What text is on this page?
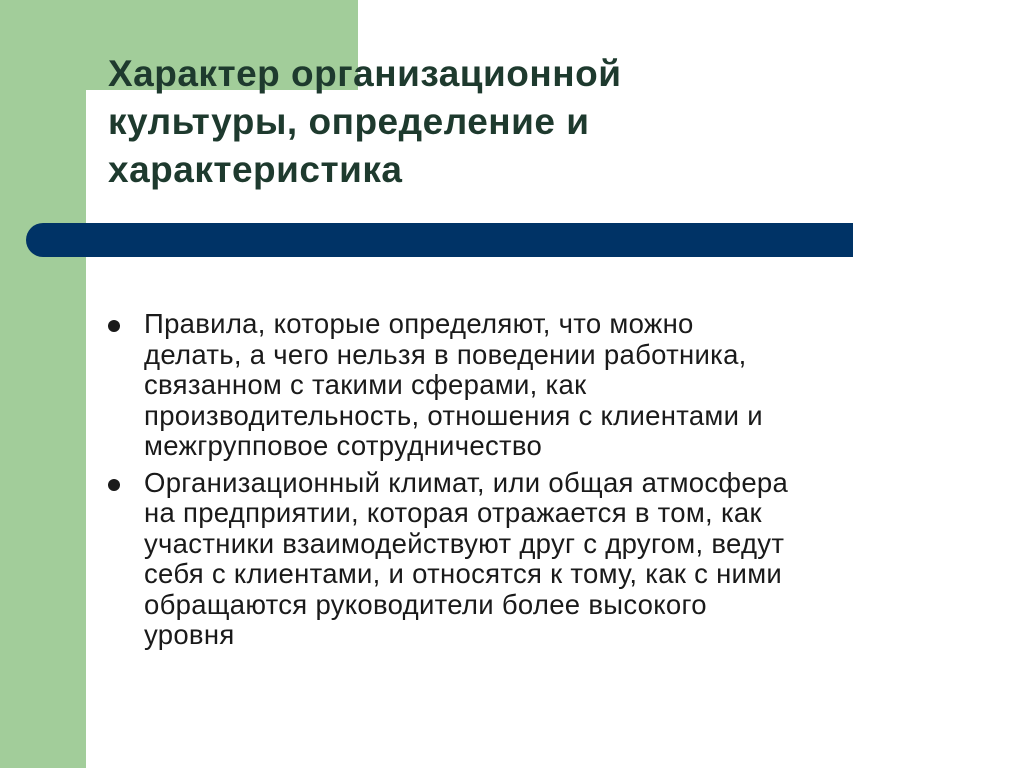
Характер организационной
культуры, определение и
характеристика
Правила, которые определяют, что можно
делать, а чего нельзя в поведении работника,
связанном с такими сферами, как
производительность, отношения с клиентами и
межгрупповое сотрудничество
Организационный климат, или общая атмосфера
на предприятии, которая отражается в том, как
участники взаимодействуют друг с другом, ведут
себя с клиентами, и относятся к тому, как с ними
обращаются руководители более высокого
уровня
